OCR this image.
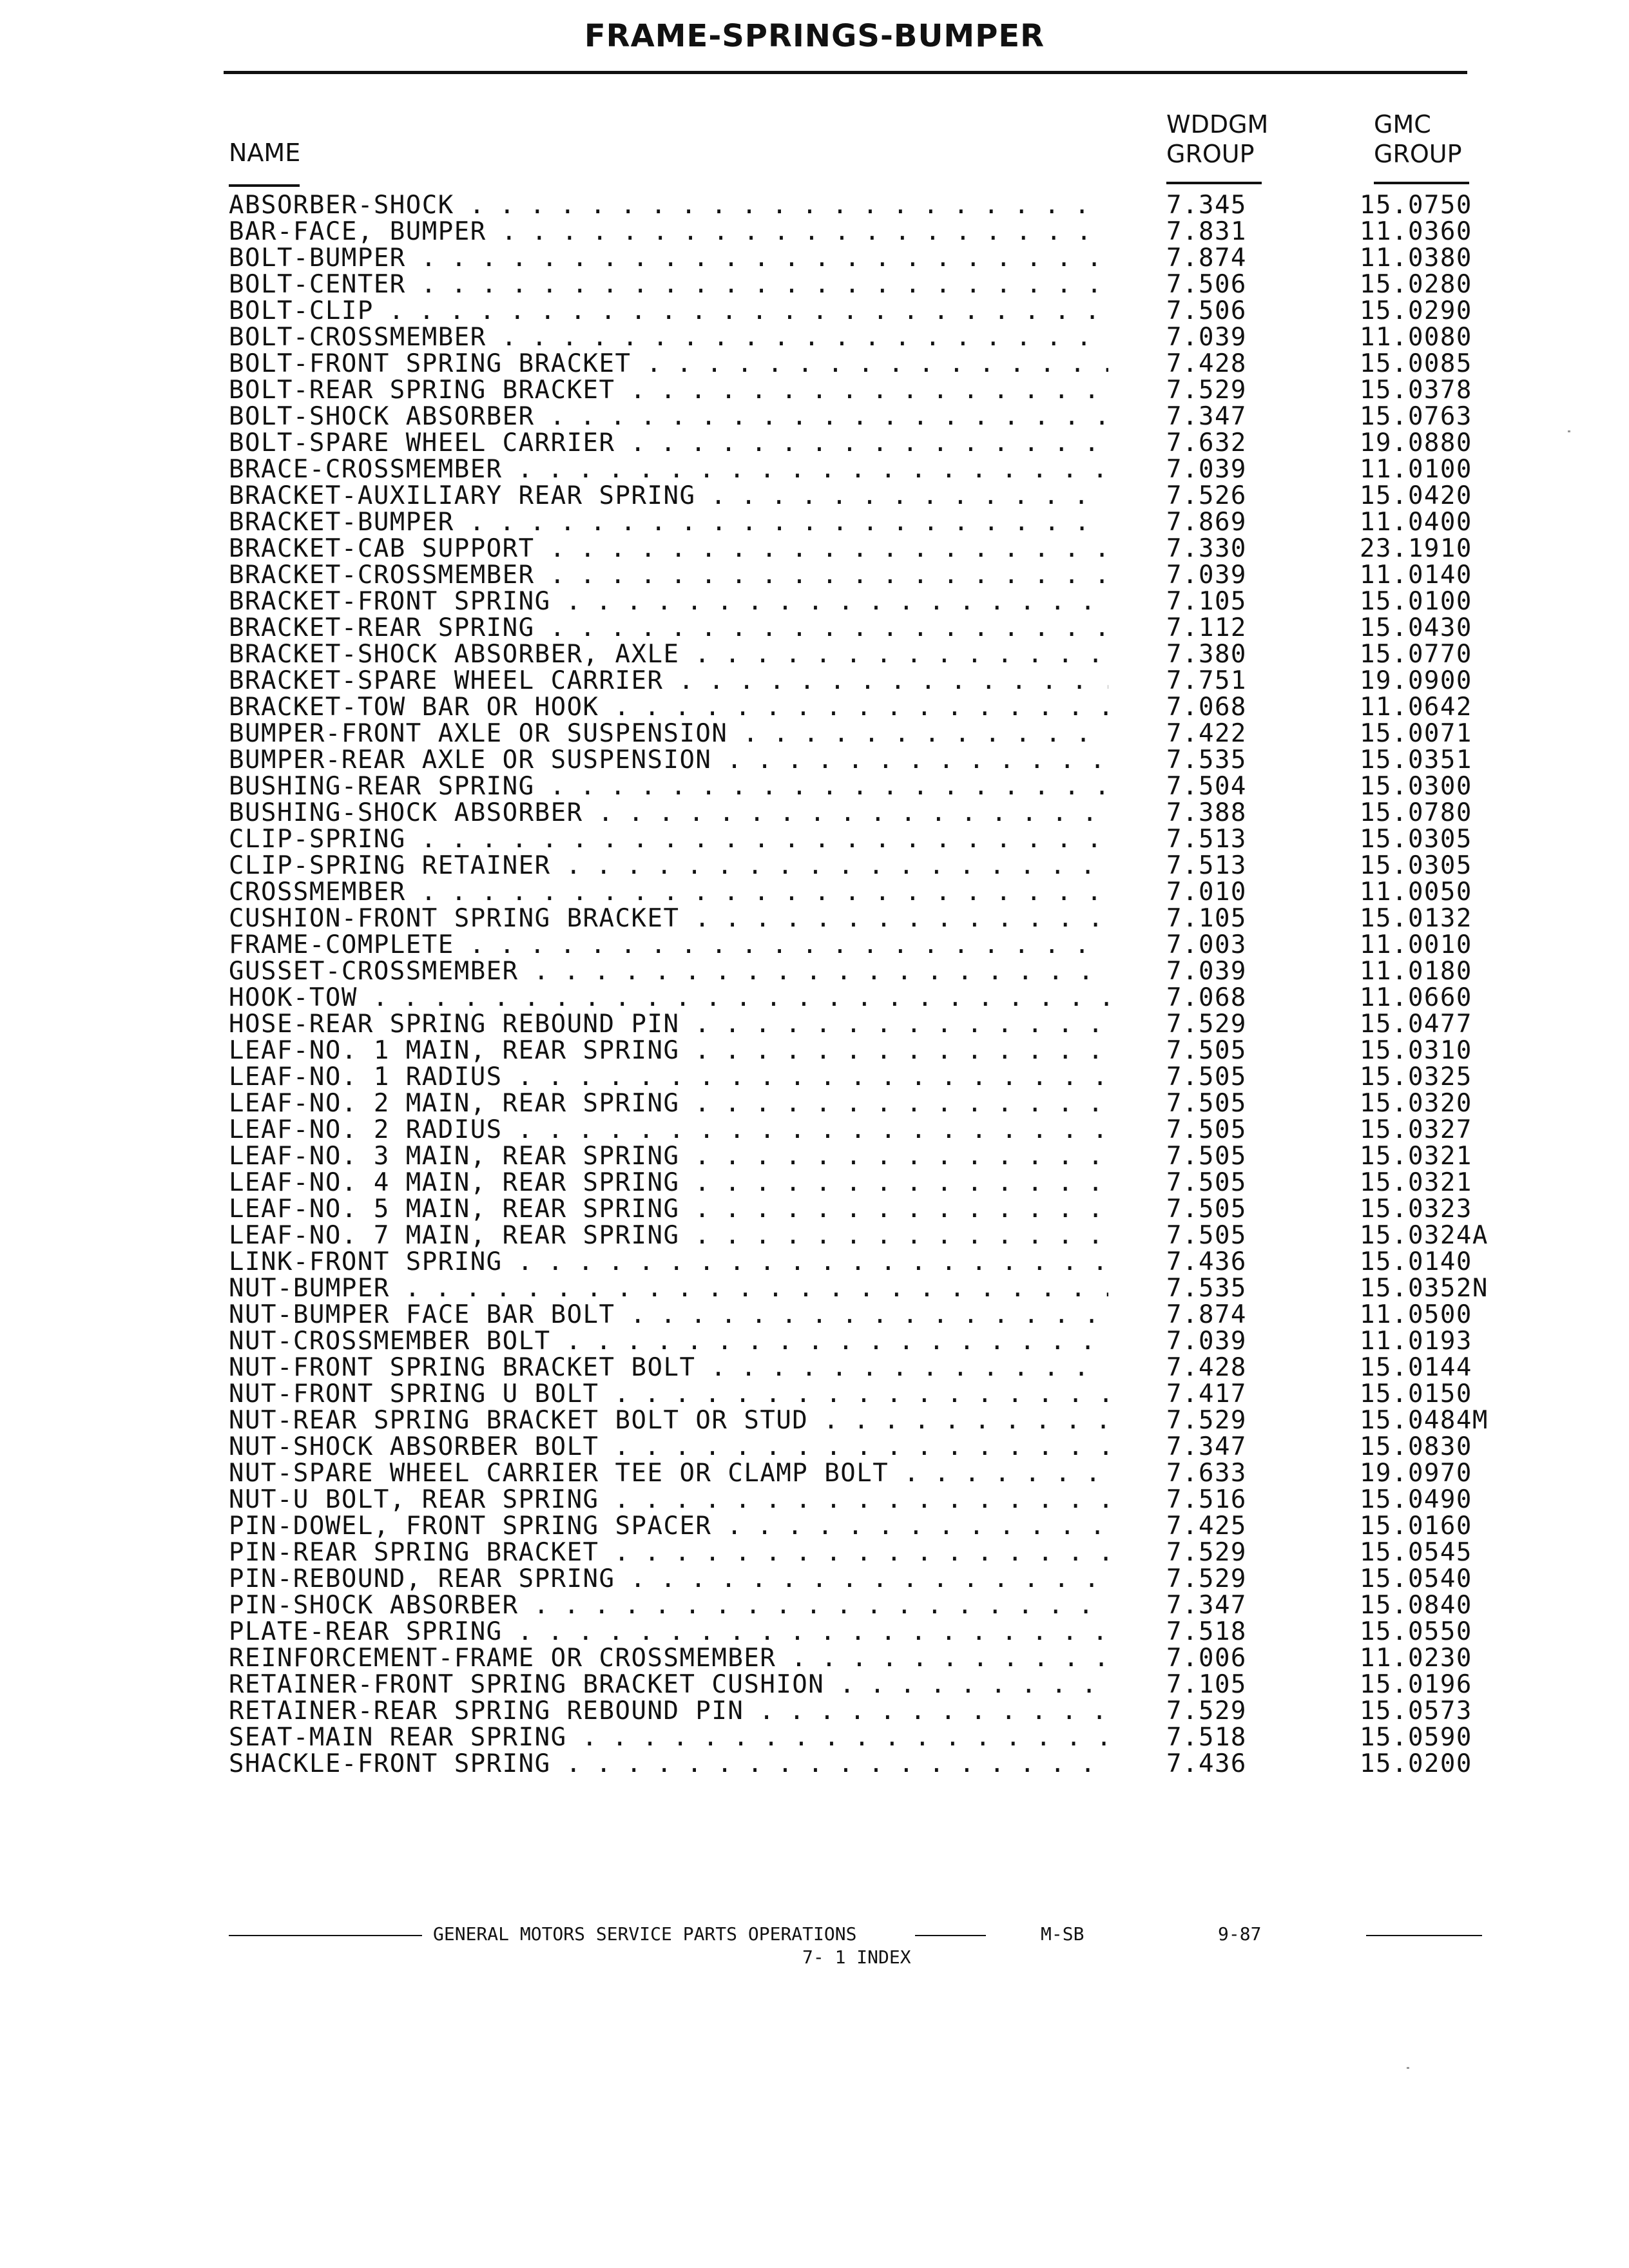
FRAME-SPRINGS-BUMPER
NAME
WDDGM
GROUP
GMC
GROUP
ABSORBER-SHOCK . . .	7.345	15.0750
BAR-FACE, BUMPER . . .	7.831	11.0360
BOLT-BUMPER . . .	7.874	11.0380
BOLT-CENTER . . .	7.506	15.0280
BOLT-CLIP . . .	7.506	15.0290
BOLT-CROSSMEMBER . . .	7.039	11.0080
BOLT-FRONT SPRING BRACKET . . .	7.428	15.0085
BOLT-REAR SPRING BRACKET . . .	7.529	15.0378
BOLT-SHOCK ABSORBER . . .	7.347	15.0763
BOLT-SPARE WHEEL CARRIER . . .	7.632	19.0880
BRACE-CROSSMEMBER . . .	7.039	11.0100
BRACKET-AUXILIARY REAR SPRING . . .	7.526	15.0420
BRACKET-BUMPER . . .	7.869	11.0400
BRACKET-CAB SUPPORT . . .	7.330	23.1910
BRACKET-CROSSMEMBER . . .	7.039	11.0140
BRACKET-FRONT SPRING . . .	7.105	15.0100
BRACKET-REAR SPRING . . .	7.112	15.0430
BRACKET-SHOCK ABSORBER, AXLE . . .	7.380	15.0770
BRACKET-SPARE WHEEL CARRIER . . .	7.751	19.0900
BRACKET-TOW BAR OR HOOK . . .	7.068	11.0642
BUMPER-FRONT AXLE OR SUSPENSION . . .	7.422	15.0071
BUMPER-REAR AXLE OR SUSPENSION . . .	7.535	15.0351
BUSHING-REAR SPRING . . .	7.504	15.0300
BUSHING-SHOCK ABSORBER . . .	7.388	15.0780
CLIP-SPRING . . .	7.513	15.0305
CLIP-SPRING RETAINER . . .	7.513	15.0305
CROSSMEMBER . . .	7.010	11.0050
CUSHION-FRONT SPRING BRACKET . . .	7.105	15.0132
FRAME-COMPLETE . . .	7.003	11.0010
GUSSET-CROSSMEMBER . . .	7.039	11.0180
HOOK-TOW . . .	7.068	11.0660
HOSE-REAR SPRING REBOUND PIN . . .	7.529	15.0477
LEAF-NO. 1 MAIN, REAR SPRING . . .	7.505	15.0310
LEAF-NO. 1 RADIUS . . .	7.505	15.0325
LEAF-NO. 2 MAIN, REAR SPRING . . .	7.505	15.0320
LEAF-NO. 2 RADIUS . . .	7.505	15.0327
LEAF-NO. 3 MAIN, REAR SPRING . . .	7.505	15.0321
LEAF-NO. 4 MAIN, REAR SPRING . . .	7.505	15.0321
LEAF-NO. 5 MAIN, REAR SPRING . . .	7.505	15.0323
LEAF-NO. 7 MAIN, REAR SPRING . . .	7.505	15.0324A
LINK-FRONT SPRING . . .	7.436	15.0140
NUT-BUMPER . . .	7.535	15.0352N
NUT-BUMPER FACE BAR BOLT . . .	7.874	11.0500
NUT-CROSSMEMBER BOLT . . .	7.039	11.0193
NUT-FRONT SPRING BRACKET BOLT . . .	7.428	15.0144
NUT-FRONT SPRING U BOLT . . .	7.417	15.0150
NUT-REAR SPRING BRACKET BOLT OR STUD . . .	7.529	15.0484M
NUT-SHOCK ABSORBER BOLT . . .	7.347	15.0830
NUT-SPARE WHEEL CARRIER TEE OR CLAMP BOLT . . .	7.633	19.0970
NUT-U BOLT, REAR SPRING . . .	7.516	15.0490
PIN-DOWEL, FRONT SPRING SPACER . . .	7.425	15.0160
PIN-REAR SPRING BRACKET . . .	7.529	15.0545
PIN-REBOUND, REAR SPRING . . .	7.529	15.0540
PIN-SHOCK ABSORBER . . .	7.347	15.0840
PLATE-REAR SPRING . . .	7.518	15.0550
REINFORCEMENT-FRAME OR CROSSMEMBER . . .	7.006	11.0230
RETAINER-FRONT SPRING BRACKET CUSHION . . .	7.105	15.0196
RETAINER-REAR SPRING REBOUND PIN . . .	7.529	15.0573
SEAT-MAIN REAR SPRING . . .	7.518	15.0590
SHACKLE-FRONT SPRING . . .	7.436	15.0200
GENERAL MOTORS SERVICE PARTS OPERATIONS	M-SB	9-87
7- 1 INDEX
